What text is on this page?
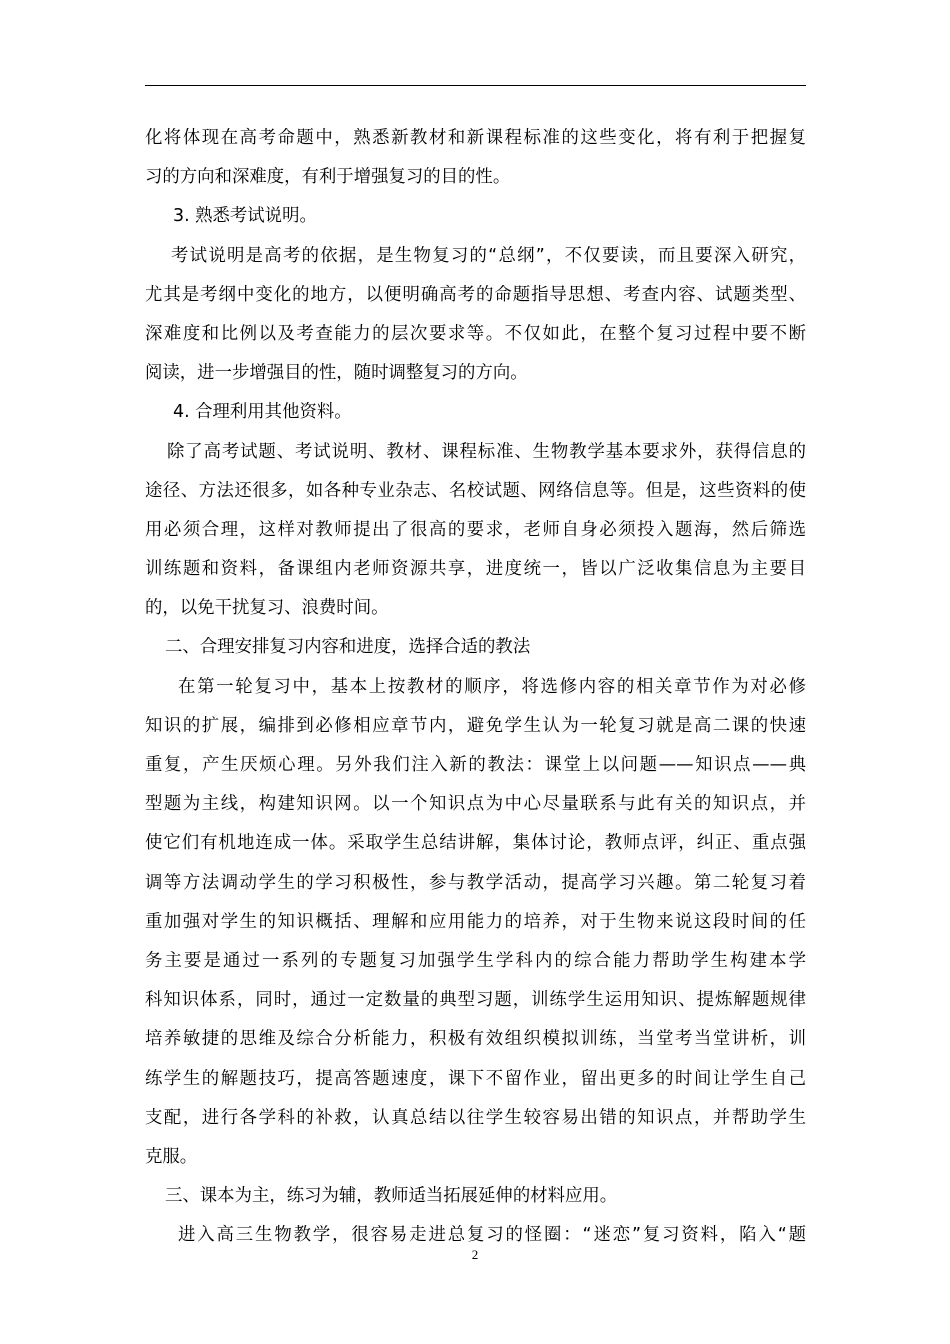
化将体现在高考命题中，熟悉新教材和新课程标准的这些变化，将有利于把握复
习的方向和深难度，有利于增强复习的目的性。
3. 熟悉考试说明。
考试说明是高考的依据，是生物复习的“总纲”，不仅要读，而且要深入研究，
尤其是考纲中变化的地方，以便明确高考的命题指导思想、考查内容、试题类型、
深难度和比例以及考查能力的层次要求等。不仅如此，在整个复习过程中要不断
阅读，进一步增强目的性，随时调整复习的方向。
4. 合理利用其他资料。
除了高考试题、考试说明、教材、课程标准、生物教学基本要求外，获得信息的
途径、方法还很多，如各种专业杂志、名校试题、网络信息等。但是，这些资料的使
用必须合理，这样对教师提出了很高的要求，老师自身必须投入题海，然后筛选
训练题和资料，备课组内老师资源共享，进度统一，皆以广泛收集信息为主要目
的，以免干扰复习、浪费时间。
二、合理安排复习内容和进度，选择合适的教法
在第一轮复习中，基本上按教材的顺序，将选修内容的相关章节作为对必修
知识的扩展，编排到必修相应章节内，避免学生认为一轮复习就是高二课的快速
重复，产生厌烦心理。另外我们注入新的教法：课堂上以问题——知识点——典
型题为主线，构建知识网。以一个知识点为中心尽量联系与此有关的知识点，并
使它们有机地连成一体。采取学生总结讲解，集体讨论，教师点评，纠正、重点强
调等方法调动学生的学习积极性，参与教学活动，提高学习兴趣。第二轮复习着
重加强对学生的知识概括、理解和应用能力的培养，对于生物来说这段时间的任
务主要是通过一系列的专题复习加强学生学科内的综合能力帮助学生构建本学
科知识体系，同时，通过一定数量的典型习题，训练学生运用知识、提炼解题规律
培养敏捷的思维及综合分析能力，积极有效组织模拟训练，当堂考当堂讲析，训
练学生的解题技巧，提高答题速度，课下不留作业，留出更多的时间让学生自己
支配，进行各学科的补救，认真总结以往学生较容易出错的知识点，并帮助学生
克服。
三、课本为主，练习为辅，教师适当拓展延伸的材料应用。
进入高三生物教学，很容易走进总复习的怪圈：“迷恋”复习资料，陷入“题
2
